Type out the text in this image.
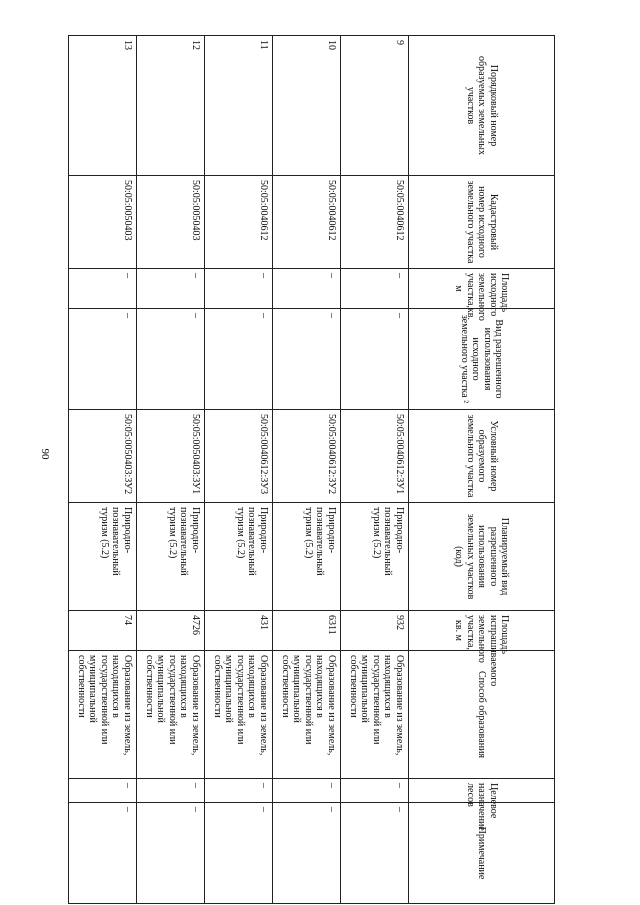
90
Порядковый номер образуемых земельных участков	Кадастровый номер исходного земельного участка	Площадь исходного земельного участка,кв. м	Вид разрешенного использования исходного земельного участка ²	Условный номер образуемого земельного участка	Планируемый вид разрешенного использования земельных участков (код)	Площадь испрашиваемого земельного участка, кв. м	Способ образования	Целевое назначение лесов	Примечание
9	50:05:0040612	–	–	50:05:0040612:ЗУ1	Природно-познавательный туризм (5.2)	932	Образование из земель, находящихся в государственной или муниципальной собственности	–	–
10	50:05:0040612	–	–	50:05:0040612:ЗУ2	Природно-познавательный туризм (5.2)	6311	Образование из земель, находящихся в государственной или муниципальной собственности	–	–
11	50:05:0040612	–	–	50:05:0040612:ЗУ3	Природно-познавательный туризм (5.2)	431	Образование из земель, находящихся в государственной или муниципальной собственности	–	–
12	50:05:0050403	–	–	50:05:0050403:ЗУ1	Природно-познавательный туризм (5.2)	4726	Образование из земель, находящихся в государственной или муниципальной собственности	–	–
13	50:05:0050403	–	–	50:05:0050403:ЗУ2	Природно-познавательный туризм (5.2)	74	Образование из земель, находящихся в государственной или муниципальной собственности	–	–
